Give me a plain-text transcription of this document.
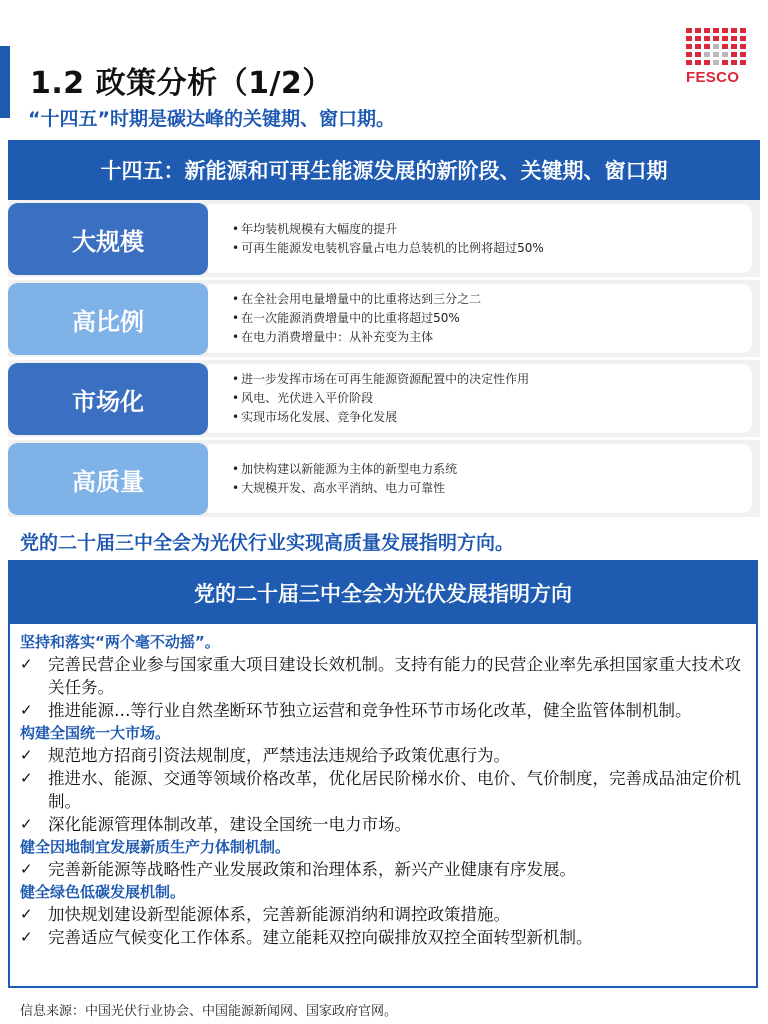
1.2 政策分析（1/2）
“十四五”时期是碳达峰的关键期、窗口期。
FESCO
十四五：新能源和可再生能源发展的新阶段、关键期、窗口期
大规模	• 年均装机规模有大幅度的提升
• 可再生能源发电装机容量占电力总装机的比例将超过50%
高比例
• 在全社会用电量增量中的比重将达到三分之二
• 在一次能源消费增量中的比重将超过50%
• 在电力消费增量中：从补充变为主体
市场化
• 进一步发挥市场在可再生能源资源配置中的决定性作用
• 风电、光伏进入平价阶段
• 实现市场化发展、竞争化发展
高质量	• 加快构建以新能源为主体的新型电力系统
• 大规模开发、高水平消纳、电力可靠性
党的二十届三中全会为光伏行业实现高质量发展指明方向。
党的二十届三中全会为光伏发展指明方向
坚持和落实“两个毫不动摇”。
✓ 完善民营企业参与国家重大项目建设长效机制。支持有能力的民营企业率先承担国家重大技术攻关任务。
✓ 推进能源…等行业自然垄断环节独立运营和竞争性环节市场化改革，健全监管体制机制。
构建全国统一大市场。
✓ 规范地方招商引资法规制度，严禁违法违规给予政策优惠行为。
✓ 推进水、能源、交通等领域价格改革，优化居民阶梯水价、电价、气价制度，完善成品油定价机制。
✓ 深化能源管理体制改革，建设全国统一电力市场。
健全因地制宜发展新质生产力体制机制。
✓ 完善新能源等战略性产业发展政策和治理体系，新兴产业健康有序发展。
健全绿色低碳发展机制。
✓ 加快规划建设新型能源体系，完善新能源消纳和调控政策措施。
✓ 完善适应气候变化工作体系。建立能耗双控向碳排放双控全面转型新机制。
信息来源：中国光伏行业协会、中国能源新闻网、国家政府官网。
